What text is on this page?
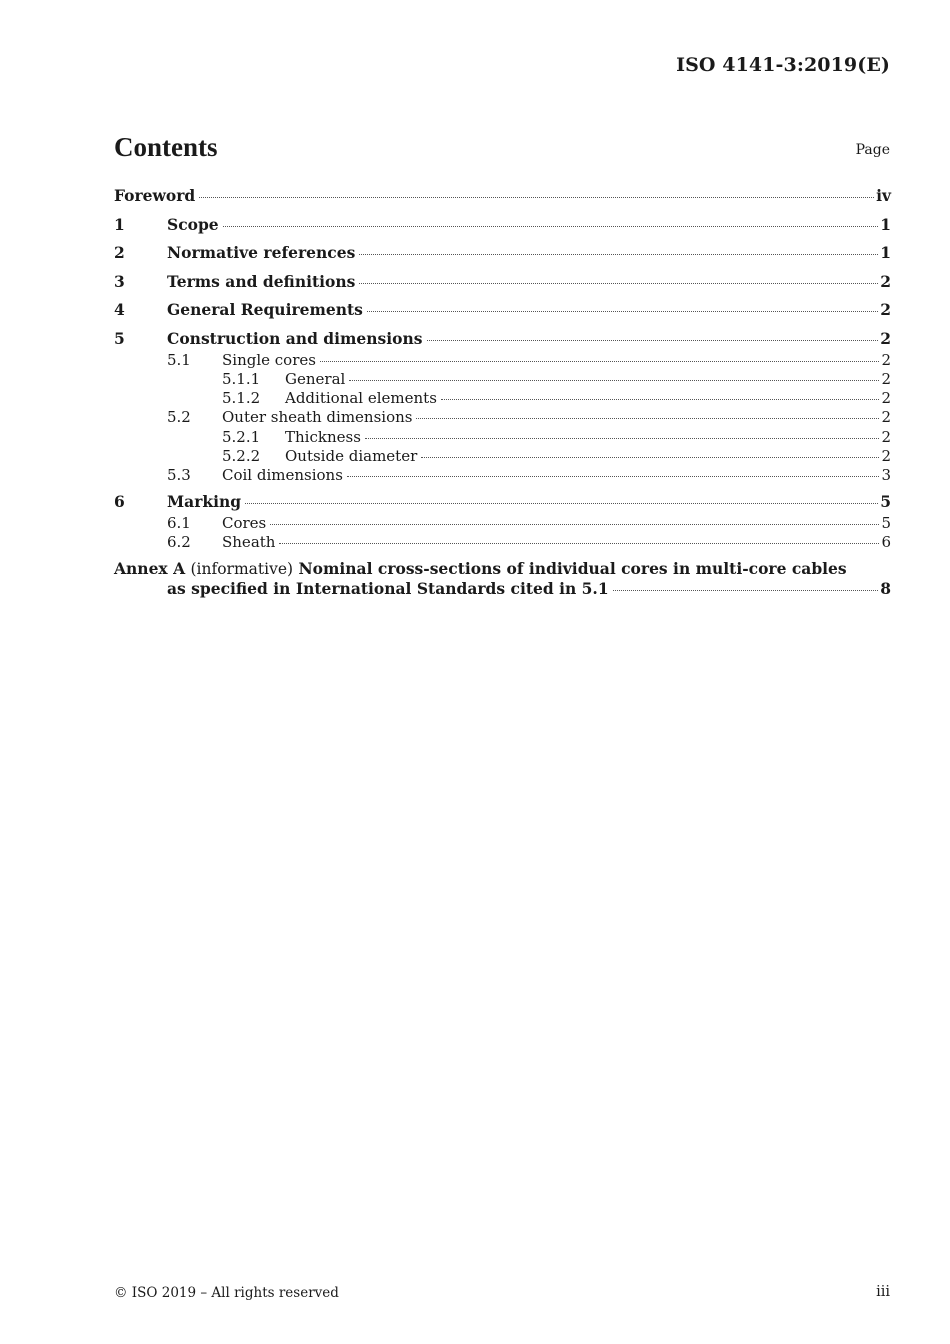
ISO 4141-3:2019(E)
Contents	Page
Foreword	iv
1	Scope	1
2	Normative references	1
3	Terms and definitions	2
4	General Requirements	2
5	Construction and dimensions	2
5.1	Single cores	2
5.1.1	General	2
5.1.2	Additional elements	2
5.2	Outer sheath dimensions	2
5.2.1	Thickness	2
5.2.2	Outside diameter	2
5.3	Coil dimensions	3
6	Marking	5
6.1	Cores	5
6.2	Sheath	6
Annex A (informative) Nominal cross-sections of individual cores in multi-core cables
as specified in International Standards cited in 5.1	8
© ISO 2019 – All rights reserved	iii
